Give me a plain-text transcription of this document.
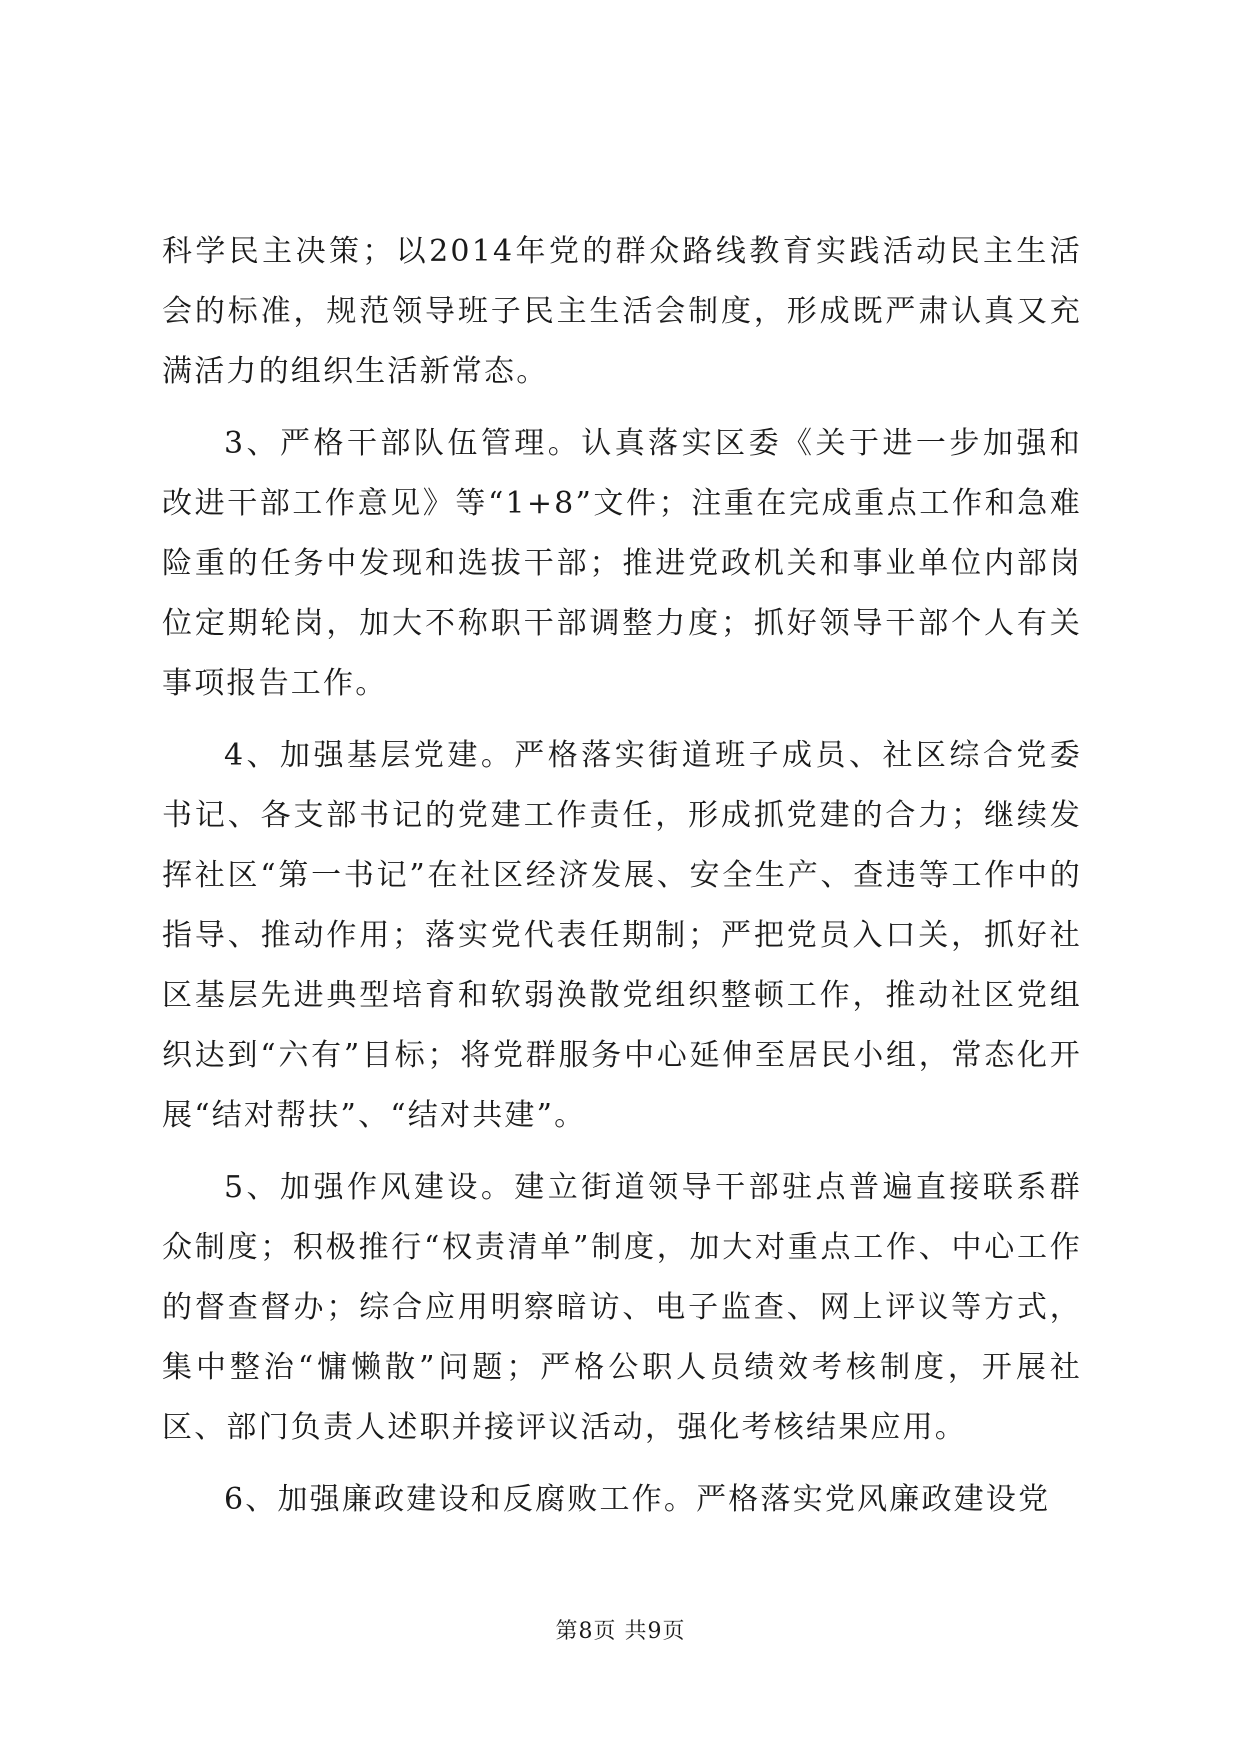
科学民主决策；以2014年党的群众路线教育实践活动民主生活会的标准，规范领导班子民主生活会制度，形成既严肃认真又充满活力的组织生活新常态。

3、严格干部队伍管理。认真落实区委《关于进一步加强和改进干部工作意见》等“1+8”文件；注重在完成重点工作和急难险重的任务中发现和选拔干部；推进党政机关和事业单位内部岗位定期轮岗，加大不称职干部调整力度；抓好领导干部个人有关事项报告工作。

4、加强基层党建。严格落实街道班子成员、社区综合党委书记、各支部书记的党建工作责任，形成抓党建的合力；继续发挥社区“第一书记”在社区经济发展、安全生产、查违等工作中的指导、推动作用；落实党代表任期制；严把党员入口关，抓好社区基层先进典型培育和软弱涣散党组织整顿工作，推动社区党组织达到“六有”目标；将党群服务中心延伸至居民小组，常态化开展“结对帮扶”、“结对共建”。

5、加强作风建设。建立街道领导干部驻点普遍直接联系群众制度；积极推行“权责清单”制度，加大对重点工作、中心工作的督查督办；综合应用明察暗访、电子监查、网上评议等方式，集中整治“慵懒散”问题；严格公职人员绩效考核制度，开展社区、部门负责人述职并接评议活动，强化考核结果应用。

6、加强廉政建设和反腐败工作。严格落实党风廉政建设党

第8页 共9页
